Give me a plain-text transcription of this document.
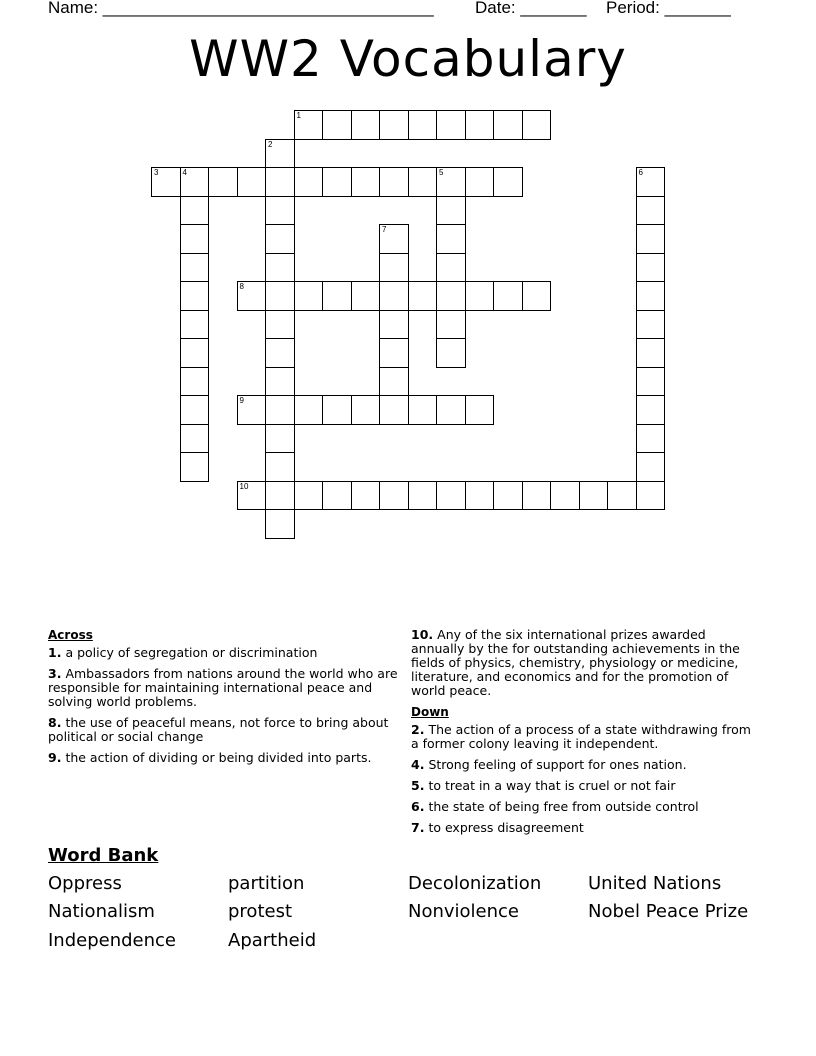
Name: ___________________________________ Date: _______ Period: _______
WW2 Vocabulary
1
2
3	4	5	6
7
8
9
10
Across
1. a policy of segregation or discrimination
3. Ambassadors from nations around the world who are responsible for maintaining international peace and solving world problems.
8. the use of peaceful means, not force to bring about political or social change
9. the action of dividing or being divided into parts.
10. Any of the six international prizes awarded annually by the for outstanding achievements in the fields of physics, chemistry, physiology or medicine, literature, and economics and for the promotion of world peace.
Down
2. The action of a process of a state withdrawing from a former colony leaving it independent.
4. Strong feeling of support for ones nation.
5. to treat in a way that is cruel or not fair
6. the state of being free from outside control
7. to express disagreement
Word Bank
Oppress	partition	Decolonization	United Nations
Nationalism	protest	Nonviolence	Nobel Peace Prize
Independence	Apartheid
